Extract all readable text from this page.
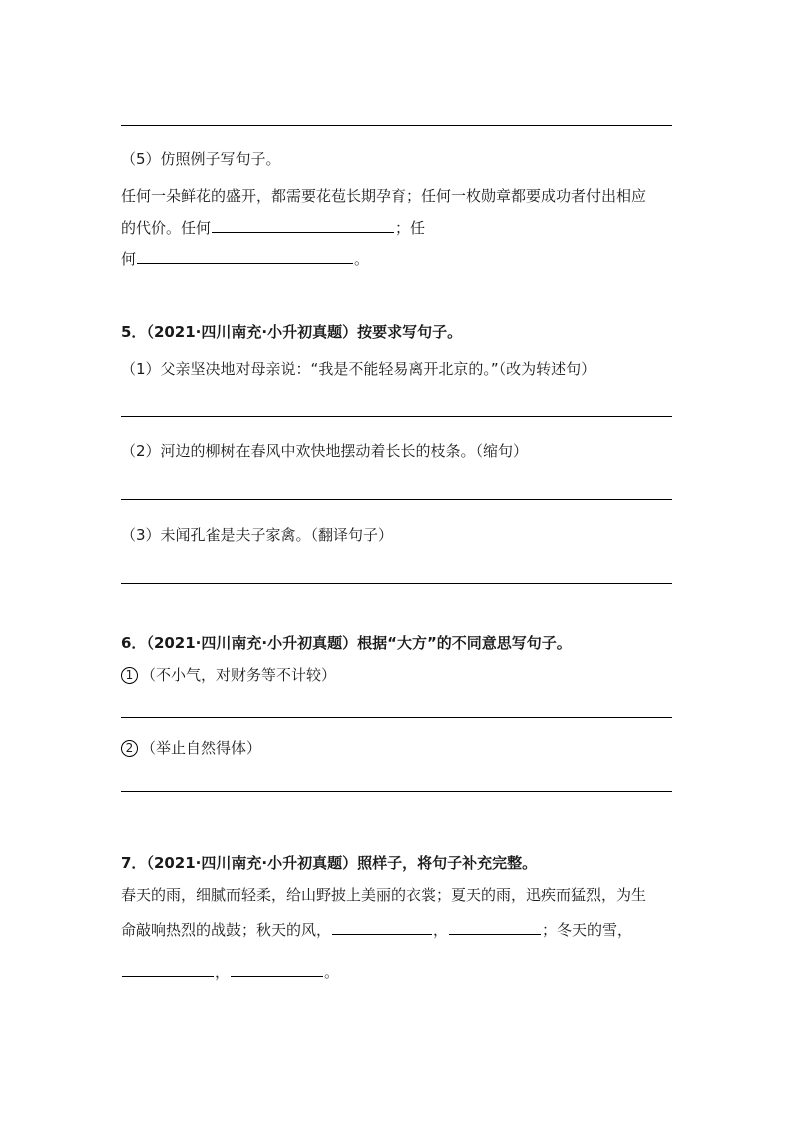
（5）仿照例子写句子。
任何一朵鲜花的盛开，都需要花苞长期孕育；任何一枚勋章都要成功者付出相应
的代价。任何	；任
何	。
5．（2021·四川南充·小升初真题）按要求写句子。
（1）父亲坚决地对母亲说：“我是不能轻易离开北京的。”（改为转述句）
（2）河边的柳树在春风中欢快地摆动着长长的枝条。（缩句）
（3）未闻孔雀是夫子家禽。（翻译句子）
6．（2021·四川南充·小升初真题）根据“大方”的不同意思写句子。
1 （不小气，对财务等不计较）
2 （举止自然得体）
7．（2021·四川南充·小升初真题）照样子，将句子补充完整。
春天的雨，细腻而轻柔，给山野披上美丽的衣裳；夏天的雨，迅疾而猛烈，为生
命敲响热烈的战鼓；秋天的风，	，	；冬天的雪，
，	。
